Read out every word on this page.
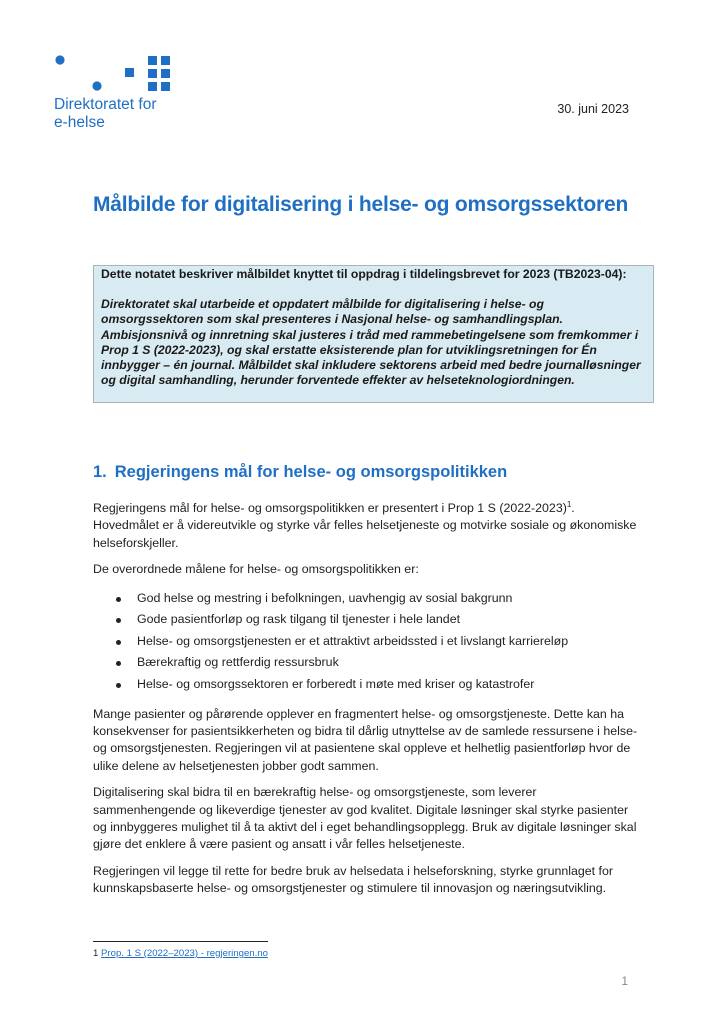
Direktoratet for
e-helse
30. juni 2023
Målbilde for digitalisering i helse- og omsorgssektoren

Dette notatet beskriver målbildet knyttet til oppdrag i tildelingsbrevet for 2023 (TB2023-04):

Direktoratet skal utarbeide et oppdatert målbilde for digitalisering i helse- og omsorgssektoren som skal presenteres i Nasjonal helse- og samhandlingsplan. Ambisjonsnivå og innretning skal justeres i tråd med rammebetingelsene som fremkommer i Prop 1 S (2022-2023), og skal erstatte eksisterende plan for utviklingsretningen for Én innbygger – én journal. Målbildet skal inkludere sektorens arbeid med bedre journalløsninger og digital samhandling, herunder forventede effekter av helseteknologiordningen.

1. Regjeringens mål for helse- og omsorgspolitikken

Regjeringens mål for helse- og omsorgspolitikken er presentert i Prop 1 S (2022-2023)$^1$. Hovedmålet er å videreutvikle og styrke vår felles helsetjeneste og motvirke sosiale og økonomiske helseforskjeller.

De overordnede målene for helse- og omsorgspolitikken er:

God helse og mestring i befolkningen, uavhengig av sosial bakgrunn
Gode pasientforløp og rask tilgang til tjenester i hele landet
Helse- og omsorgstjenesten er et attraktivt arbeidssted i et livslangt karriereløp
Bærekraftig og rettferdig ressursbruk
Helse- og omsorgssektoren er forberedt i møte med kriser og katastrofer

Mange pasienter og pårørende opplever en fragmentert helse- og omsorgstjeneste. Dette kan ha konsekvenser for pasientsikkerheten og bidra til dårlig utnyttelse av de samlede ressursene i helse- og omsorgstjenesten. Regjeringen vil at pasientene skal oppleve et helhetlig pasientforløp hvor de ulike delene av helsetjenesten jobber godt sammen.

Digitalisering skal bidra til en bærekraftig helse- og omsorgstjeneste, som leverer sammenhengende og likeverdige tjenester av god kvalitet. Digitale løsninger skal styrke pasienter og innbyggeres mulighet til å ta aktivt del i eget behandlingsopplegg. Bruk av digitale løsninger skal gjøre det enklere å være pasient og ansatt i vår felles helsetjeneste.

Regjeringen vil legge til rette for bedre bruk av helsedata i helseforskning, styrke grunnlaget for kunnskapsbaserte helse- og omsorgstjenester og stimulere til innovasjon og næringsutvikling.

1 Prop. 1 S (2022–2023) - regjeringen.no
1
